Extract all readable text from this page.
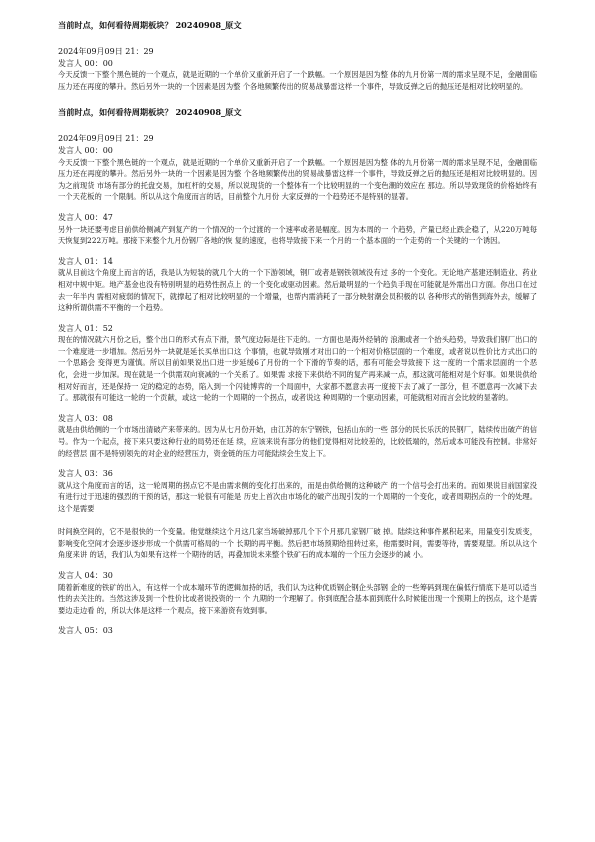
当前时点，如何看待周期板块？ 20240908_原文
2024年09月09日 21：29
发言人 00：00

今天反馈一下整个黑色链的一个观点，就是近期的一个单价又重新开启了一个跌幅。一个原因是因为整 体的九月份第一周的需求呈现不足，金融面临压力还在再度的攀升。然后另外一块的一个因素是因为整 个各地频繁传出的贸易战暴雷这样一个事件，导致反弹之后的抛压还是相对比较明显的。

当前时点，如何看待周期板块？ 20240908_原文
2024年09月09日 21：29
发言人 00：00

今天反馈一下整个黑色链的一个观点，就是近期的一个单价又重新开启了一个跌幅。一个原因是因为整 体的九月份第一周的需求呈现不足，金融面临压力还在再度的攀升。然后另外一块的一个因素是因为整 个各地频繁传出的贸易战暴雷这样一个事件，导致反弹之后的抛压还是相对比较明显的。因为之前现货 市场有部分的托盘交易，加杠杆的交易，所以说现货的一个整体有一个比较明显的一个变色潮的效应在 那边。所以导致现货的价格始终有一个天花板的 一个限制。所以从这个角度而言的话，目前整个九月份 大家反弹的一个趋势还不是特别的显著。

发言人 00：47

另外一块还要考虑目前供给侧减产到复产的一个情况的一个过渡的一个速率或者是幅度。因为本周的一 个趋势，产量已经止跌企稳了，从220万吨每天恢复到222万吨。那接下来整个九月份钢厂各地的恢 复的速度，也将导致接下来一个月的一个基本面的一个走势的一个关键的一个诱因。

发言人 01：14

就从目前这个角度上而言的话，我是认为短装的就几个大的一个下游领域，钢厂或者是钢铁领域没有过 多的一个变化。无论地产基建还制造业、药业相对中规中矩。地产基金也没有特别明显的趋势性拐点上 的一个变化或驱动因素。然后最明显的一个趋负手现在可能就是外需出口方面。你出口在过去一年半内 需相对疲弱的情况下，就撑起了相对比较明显的一个增量，也帮内需消耗了一部分映射潮会员积极的以 各种形式的销售到海外去，缓解了这种所谓供需不平衡的一个趋势。

发言人 01：52

现在的情况就六月份之后，整个出口的形式有点下滑，景气度边际是往下走的。一方面也是海外经销的 浪潮或者一个抬头趋势，导致我们钢厂出口的一个难度进一步增加。然后另外一块就是延长买单出口这 个事情，也就导致刚才对出口的一个相对价格层面的一个难度，或者说以性价比方式出口的一个思路会 变得更为谨慎。所以目前如果说出口进一步延缓6了月份的一个下滑的节奏的话，那有可能会导致接下 这一度的一个需求层面的一个恶化，会进一步加深。现在就是一个供需双向衰减的一个关系了。如果需 求接下来供给不同的复产再来减一点，那这就可能相对是个好事。如果说供给相对好而言，还是保持一 定的稳定的态势，陷入到一个闪徒博弈的一个局面中，大家都不愿意去再一度接下去了减了一部分，但 不愿意再一次减下去了。那就很有可能这一轮的一个贡献，或这一轮的一个周期的一个拐点，或者说这 种周期的一个驱动因素，可能就相对而言会比较的显著的。

发言人 03：08

就是由供给侧的一个市场出清破产来带来的。因为从七月份开始，由江苏的东宁钢铁，包括山东的一些 部分的民长乐沃的民钢厂，陆续传出破产的信号。作为一个起点，接下来只要这种行业的局势还在延 续，应该来说有部分的他们觉得相对比较差的，比较低端的，然后或本可能没有控制。非常好的经营层 面不是特别领先的对企业的经营压力，资金链的压力可能陆续会生发上下。

发言人 03：36

就从这个角度而言的话，这一轮周期的拐点它不是由需求侧的变化打出来的，而是由供给侧的这种破产 的一个信号会打出来的。而如果说目前国家没有进行过于迅速的强烈的干预的话，那这一轮很有可能是 历史上首次由市场化的破产出现引发的一个周期的一个变化，或者周期拐点的一个的处理。这个是需要

时间换空间的，它不是很快的一个变量。他觉继续这个月这几家当场破掉那几个下个月那几家钢厂破 掉。陆续这种事件累积起来，用量变引发质变，影响变化空间才会逐步逐步形成一个供需可格局的一个 长期的再平衡。然后把市场预期给扭转过来，他需要时间，需要等待，需要观望。所以从这个角度来讲 的话，我们认为如果有这样一个期待的话，再叠加说未来整个铁矿石的成本端的一个压力会逐步的减 小。

发言人 04：30

随着新难度的铁矿的出入，有这样一个成本端环节的逻辑加持的话，我们认为这种优质钢企钢企头部钢 企的一些筹码到现在偏低行情底下是可以适当性的去关注的。当然这涉及到一个性价比或者说投资的一 个 九期的一个理解了。你到底配合基本面到底什么时候能出现一个预期上的拐点，这个是需要边走边看 的，所以大体是这样一个观点，接下来游资有效到事。

发言人 05：03
